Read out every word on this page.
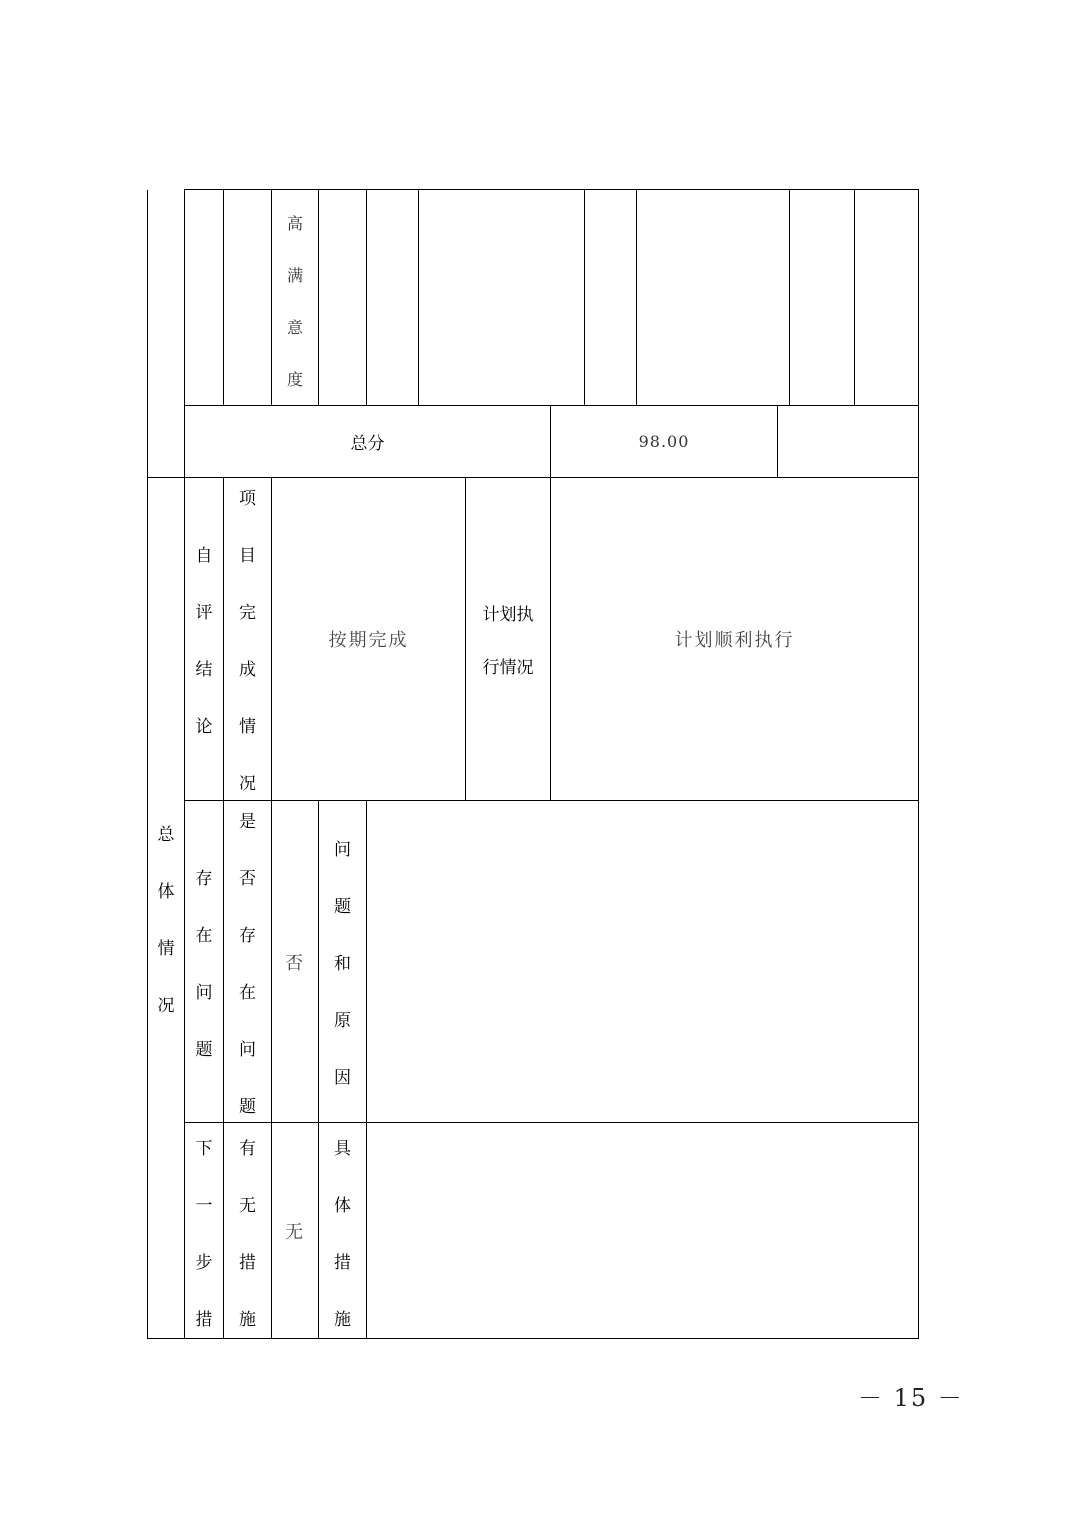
高
满
意
度
总分	98.00
总
体
情
况
自
评
结
论
项
目
完
成
情
况
按期完成
计划执
行情况
计划顺利执行
存
在
问
题
是
否
存
在
问
题
否
问
题
和
原
因
下
一
步
措
有
无
措
施
无
具
体
措
施
－ 15 －
